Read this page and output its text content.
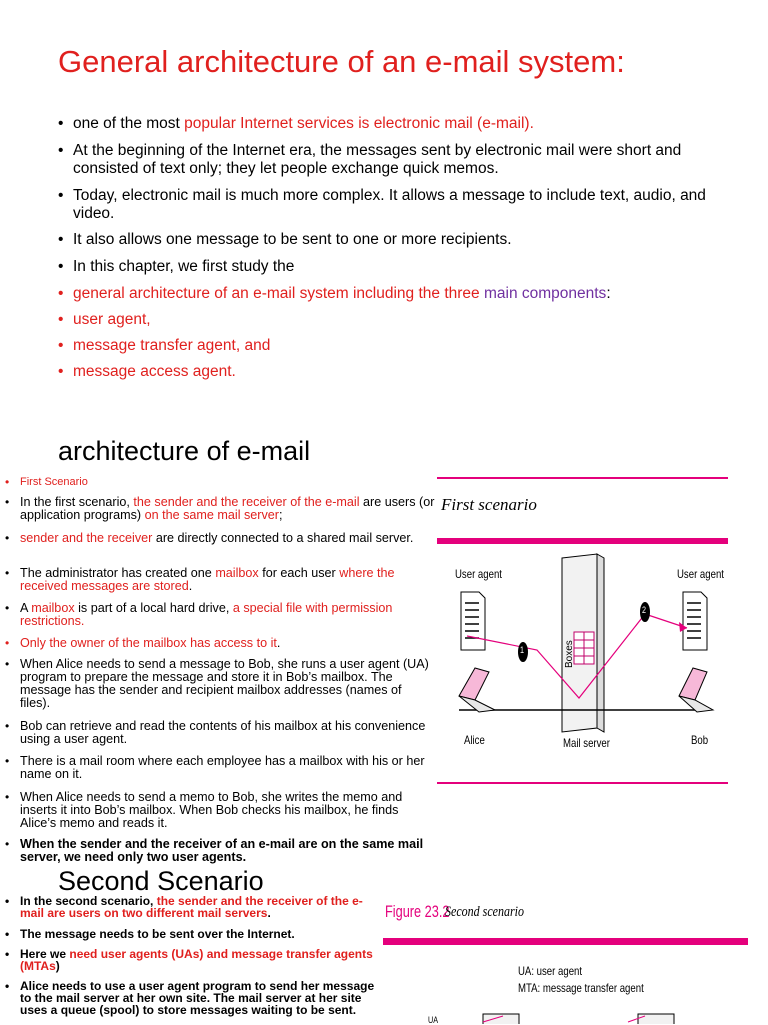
General architecture of an e-mail system:
• one of the most popular Internet services is electronic mail (e-mail).
• At the beginning of the Internet era, the messages sent by electronic mail were short and consisted of text only; they let people exchange quick memos.
• Today, electronic mail is much more complex. It allows a message to include text, audio, and video.
• It also allows one message to be sent to one or more recipients.
• In this chapter, we first study the
• general architecture of an e-mail system including the three main components:
• user agent,
• message transfer agent, and
• message access agent.
architecture of e-mail
• First Scenario
• In the first scenario, the sender and the receiver of the e-mail are users (or application programs) on the same mail server;
• sender and the receiver are directly connected to a shared mail server.
• The administrator has created one mailbox for each user where the received messages are stored.
• A mailbox is part of a local hard drive, a special file with permission restrictions.
• Only the owner of the mailbox has access to it.
• When Alice needs to send a message to Bob, she runs a user agent (UA) program to prepare the message and store it in Bob’s mailbox. The message has the sender and recipient mailbox addresses (names of files).
• Bob can retrieve and read the contents of his mailbox at his convenience using a user agent.
• There is a mail room where each employee has a mailbox with his or her name on it.
• When Alice needs to send a memo to Bob, she writes the memo and inserts it into Bob’s mailbox. When Bob checks his mailbox, he finds Alice’s memo and reads it.
• When the sender and the receiver of an e-mail are on the same mail server, we need only two user agents.
First scenario
User agent	User agent
Alice	Bob
Mail server
Boxes
1
2
Second Scenario
• In the second scenario, the sender and the receiver of the e-mail are users on two different mail servers.
• The message needs to be sent over the Internet.
• Here we need user agents (UAs) and message transfer agents (MTAs)
• Alice needs to use a user agent program to send her message to the mail server at her own site. The mail server at her site uses a queue (spool) to store messages waiting to be sent.
Figure 23.2
Second scenario
UA: user agent
MTA: message transfer agent
UA
